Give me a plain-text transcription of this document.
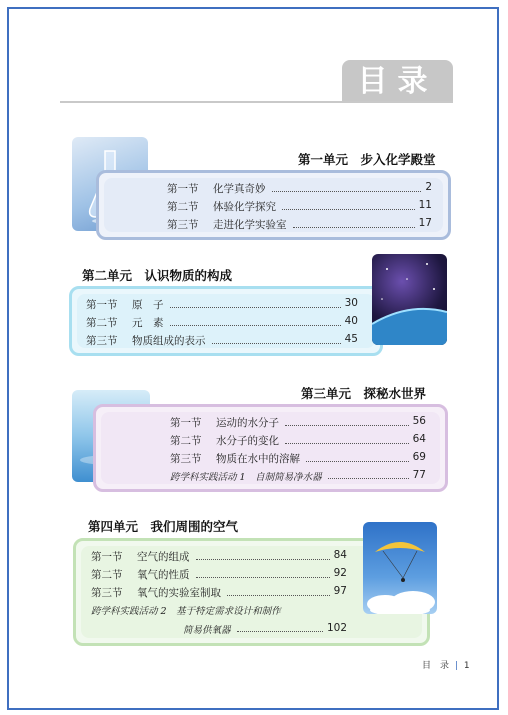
目录
第一单元　步入化学殿堂
第一节	化学真奇妙	2
第二节	体验化学探究	11
第三节	走进化学实验室	17
第二单元　认识物质的构成
第一节	原　子	30
第二节	元　素	40
第三节	物质组成的表示	45
第三单元　探秘水世界
第一节	运动的水分子	56
第二节	水分子的变化	64
第三节	物质在水中的溶解	69
跨学科实践活动 1　自制简易净水器	77
第四单元　我们周围的空气
第一节	空气的组成	84
第二节	氧气的性质	92
第三节	氧气的实验室制取	97
跨学科实践活动 2　基于特定需求设计和制作
简易供氧器	102
目　录 | 1
